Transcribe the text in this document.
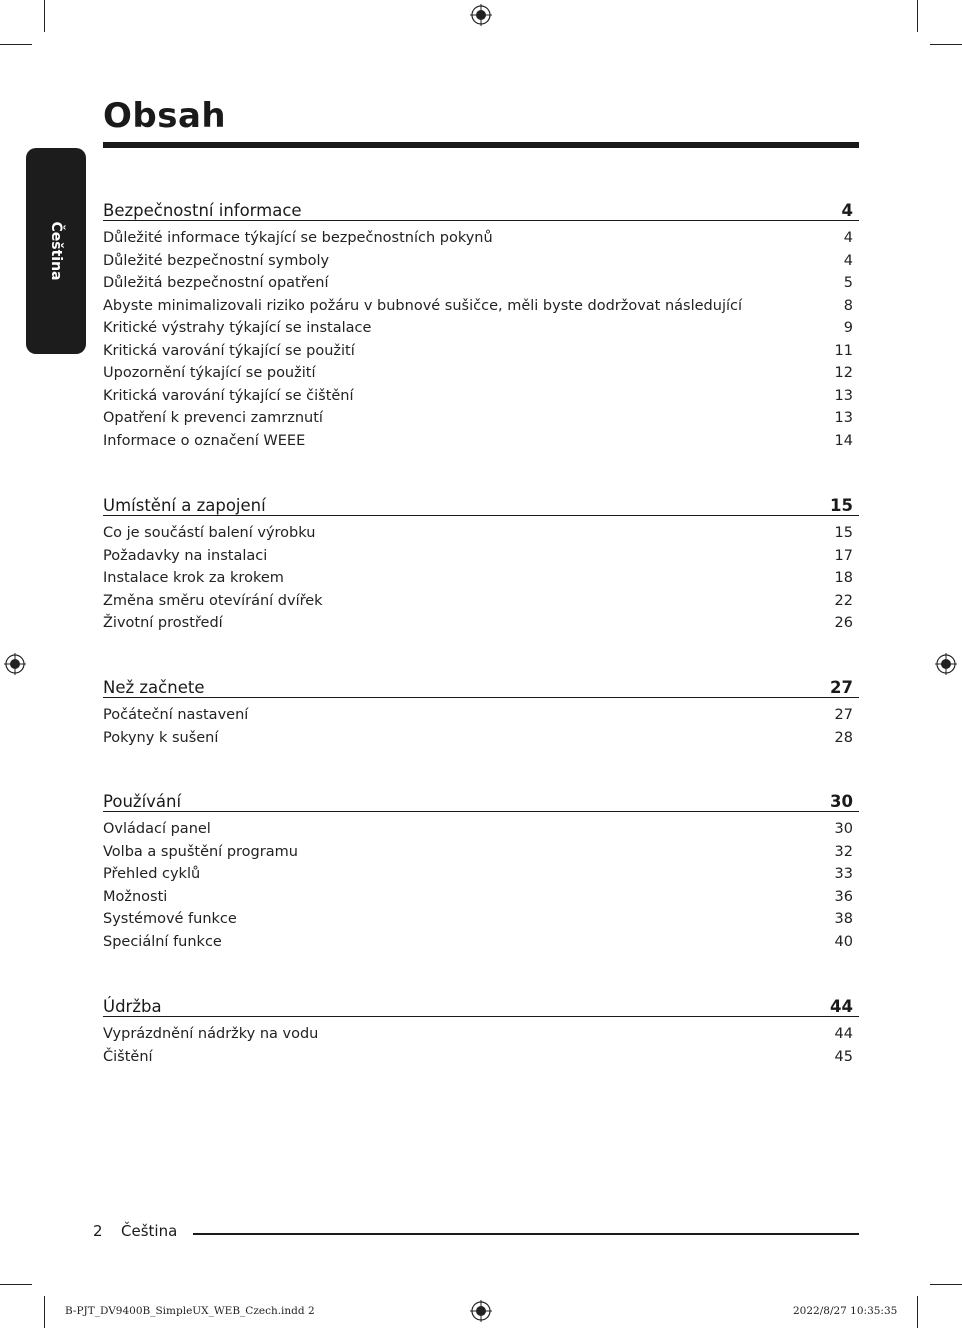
Čeština
Obsah
Bezpečnostní informace	4
Důležité informace týkající se bezpečnostních pokynů	4
Důležité bezpečnostní symboly	4
Důležitá bezpečnostní opatření	5
Abyste minimalizovali riziko požáru v bubnové sušičce, měli byste dodržovat následující	8
Kritické výstrahy týkající se instalace	9
Kritická varování týkající se použití	11
Upozornění týkající se použití	12
Kritická varování týkající se čištění	13
Opatření k prevenci zamrznutí	13
Informace o označení WEEE	14
Umístění a zapojení	15
Co je součástí balení výrobku	15
Požadavky na instalaci	17
Instalace krok za krokem	18
Změna směru otevírání dvířek	22
Životní prostředí	26
Než začnete	27
Počáteční nastavení	27
Pokyny k sušení	28
Používání	30
Ovládací panel	30
Volba a spuštění programu	32
Přehled cyklů	33
Možnosti	36
Systémové funkce	38
Speciální funkce	40
Údržba	44
Vyprázdnění nádržky na vodu	44
Čištění	45
2 Čeština
B-PJT_DV9400B_SimpleUX_WEB_Czech.indd 2	2022/8/27 10:35:35
